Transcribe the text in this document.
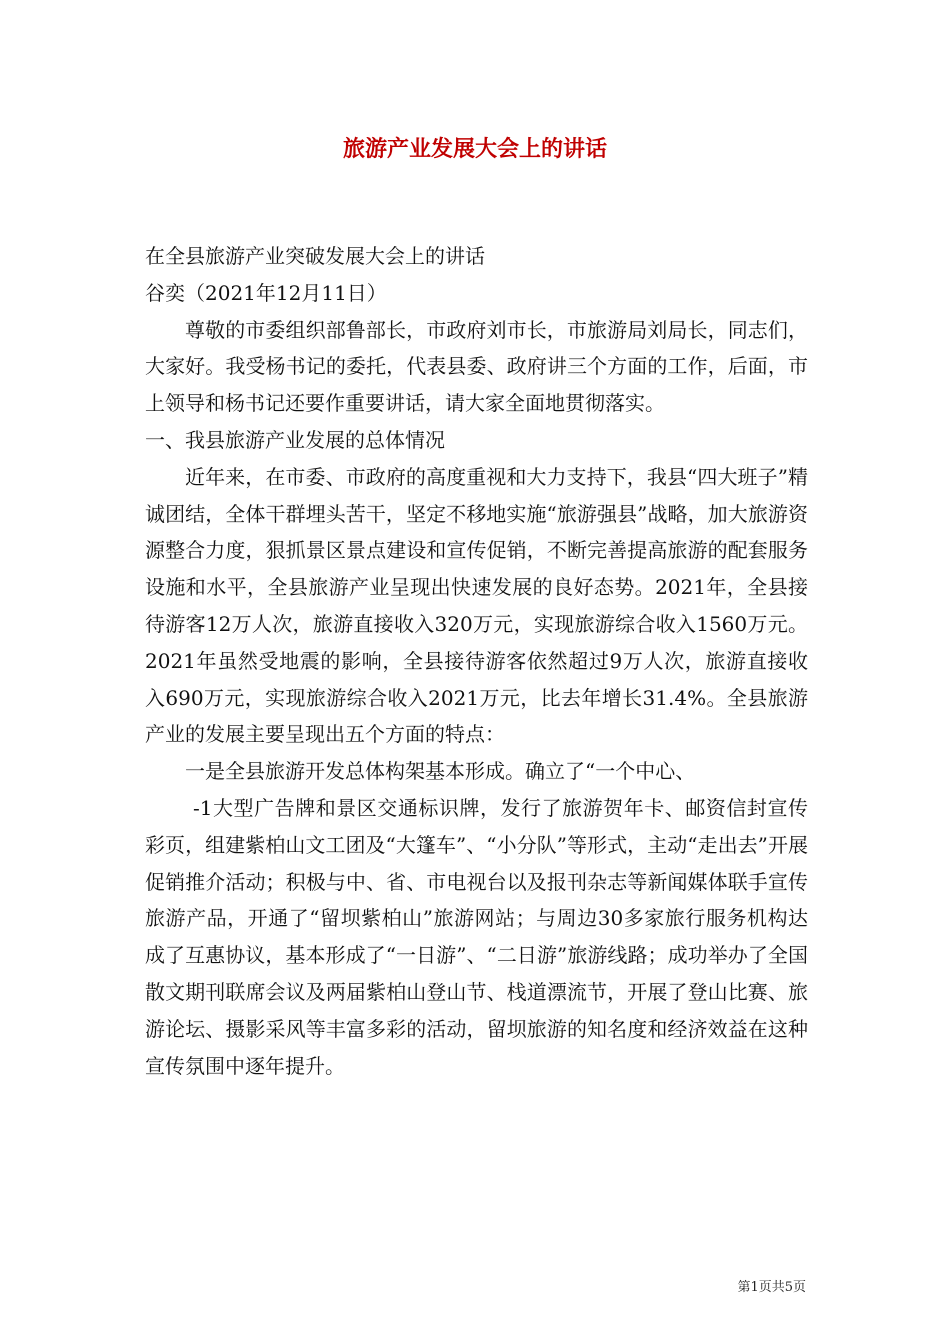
旅游产业发展大会上的讲话

在全县旅游产业突破发展大会上的讲话

谷奕（2021年12月11日）

尊敬的市委组织部鲁部长，市政府刘市长，市旅游局刘局长，同志们，大家好。我受杨书记的委托，代表县委、政府讲三个方面的工作，后面，市上领导和杨书记还要作重要讲话，请大家全面地贯彻落实。

一、我县旅游产业发展的总体情况

近年来，在市委、市政府的高度重视和大力支持下，我县“四大班子”精诚团结，全体干群埋头苦干，坚定不移地实施“旅游强县”战略，加大旅游资源整合力度，狠抓景区景点建设和宣传促销，不断完善提高旅游的配套服务设施和水平，全县旅游产业呈现出快速发展的良好态势。2021年，全县接待游客12万人次，旅游直接收入320万元，实现旅游综合收入1560万元。2021年虽然受地震的影响，全县接待游客依然超过9万人次，旅游直接收入690万元，实现旅游综合收入2021万元，比去年增长31.4%。全县旅游产业的发展主要呈现出五个方面的特点：

一是全县旅游开发总体构架基本形成。确立了“一个中心、

-1大型广告牌和景区交通标识牌，发行了旅游贺年卡、邮资信封宣传彩页，组建紫柏山文工团及“大篷车”、“小分队”等形式，主动“走出去”开展促销推介活动；积极与中、省、市电视台以及报刊杂志等新闻媒体联手宣传旅游产品，开通了“留坝紫柏山”旅游网站；与周边30多家旅行服务机构达成了互惠协议，基本形成了“一日游”、“二日游”旅游线路；成功举办了全国散文期刊联席会议及两届紫柏山登山节、栈道漂流节，开展了登山比赛、旅游论坛、摄影采风等丰富多彩的活动，留坝旅游的知名度和经济效益在这种宣传氛围中逐年提升。

第1页共5页
